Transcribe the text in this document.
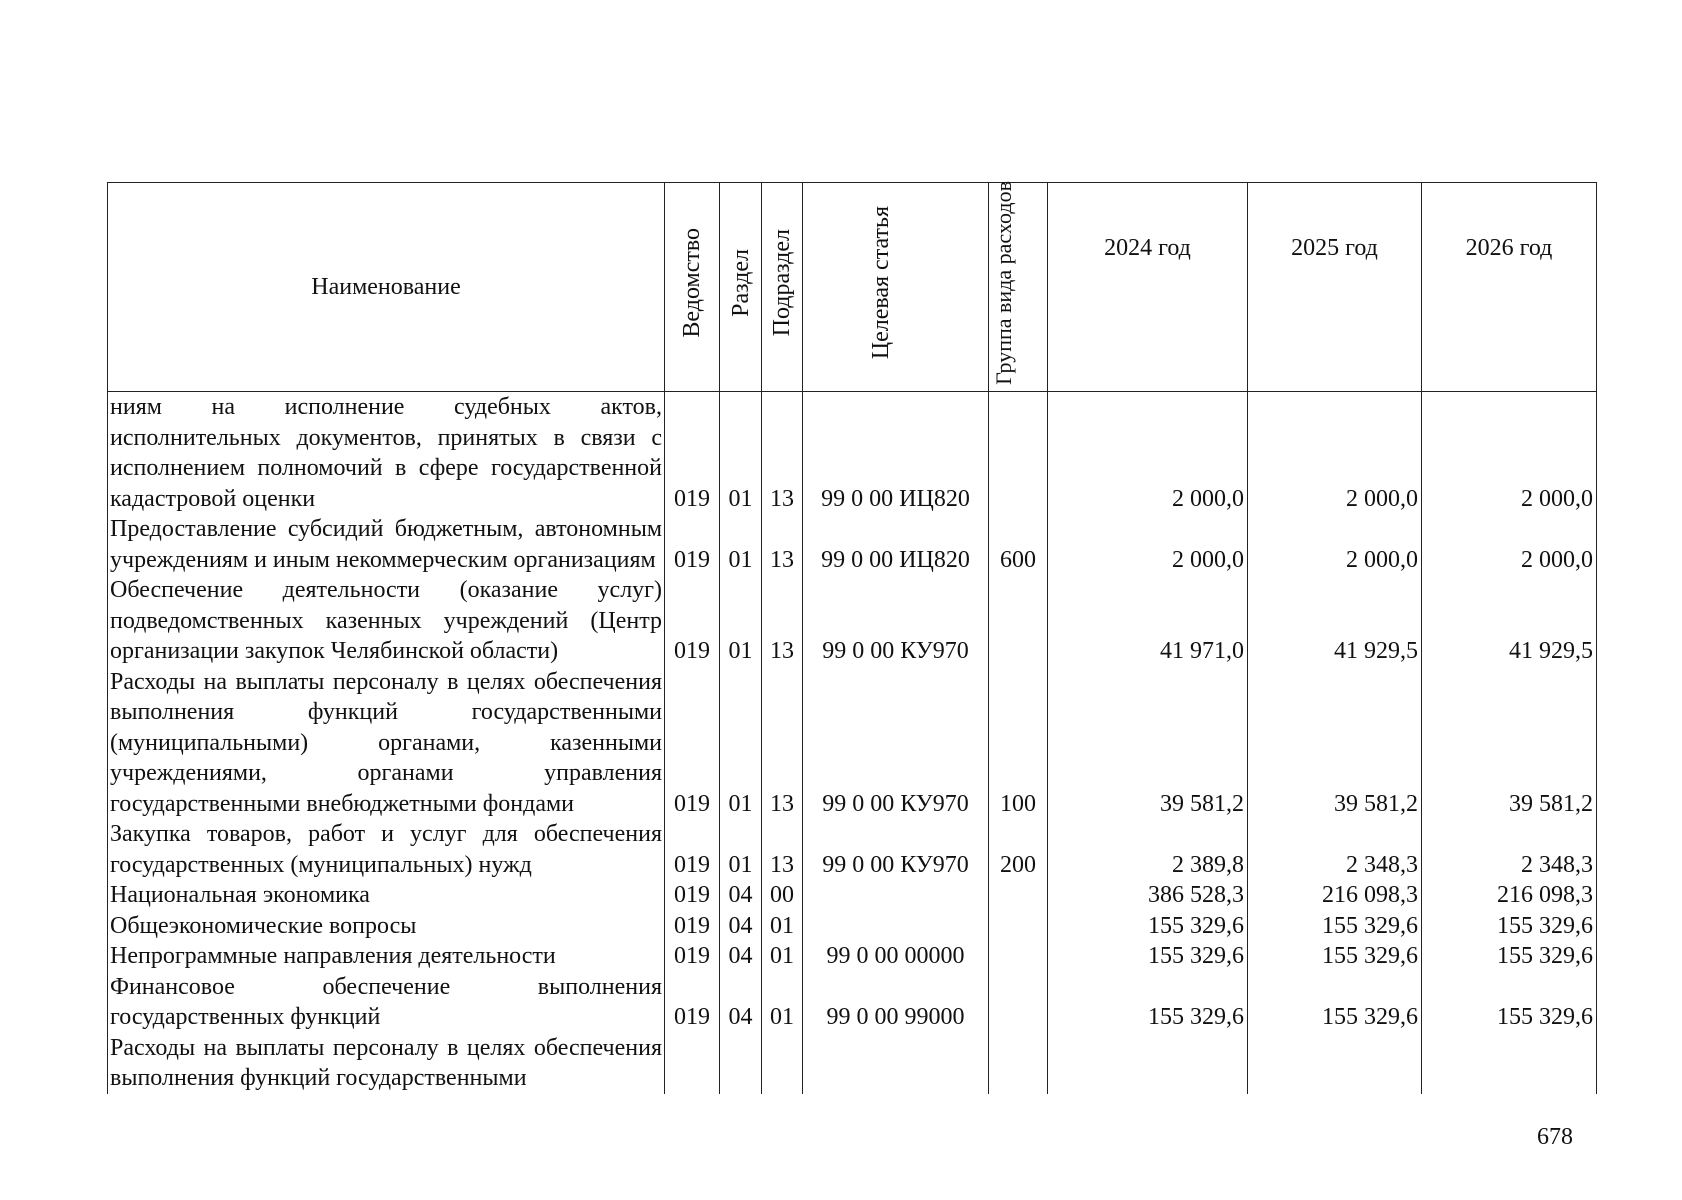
Наименование	Ведомство	Раздел	Подраздел	Целевая статья	Группа вида расходов	2024 год	2025 год	2026 год
ниям на исполнение судебных актов, исполнительных документов, принятых в связи с исполнением полномочий в сфере государственной кадастровой оценки	019	01	13	99 0 00 ИЦ820		2 000,0	2 000,0	2 000,0
Предоставление субсидий бюджетным, автономным учреждениям и иным некоммерческим организациям	019	01	13	99 0 00 ИЦ820	600	2 000,0	2 000,0	2 000,0
Обеспечение деятельности (оказание услуг) подведомственных казенных учреждений (Центр организации закупок Челябинской области)	019	01	13	99 0 00 КУ970		41 971,0	41 929,5	41 929,5
Расходы на выплаты персоналу в целях обеспечения выполнения функций государственными (муниципальными) органами, казенными учреждениями, органами управления государственными внебюджетными фондами	019	01	13	99 0 00 КУ970	100	39 581,2	39 581,2	39 581,2
Закупка товаров, работ и услуг для обеспечения государственных (муниципальных) нужд	019	01	13	99 0 00 КУ970	200	2 389,8	2 348,3	2 348,3
Национальная экономика	019	04	00			386 528,3	216 098,3	216 098,3
Общеэкономические вопросы	019	04	01			155 329,6	155 329,6	155 329,6
Непрограммные направления деятельности	019	04	01	99 0 00 00000		155 329,6	155 329,6	155 329,6
Финансовое обеспечение выполнения государственных функций	019	04	01	99 0 00 99000		155 329,6	155 329,6	155 329,6
Расходы на выплаты персоналу в целях обеспечения выполнения функций государственными								
678
